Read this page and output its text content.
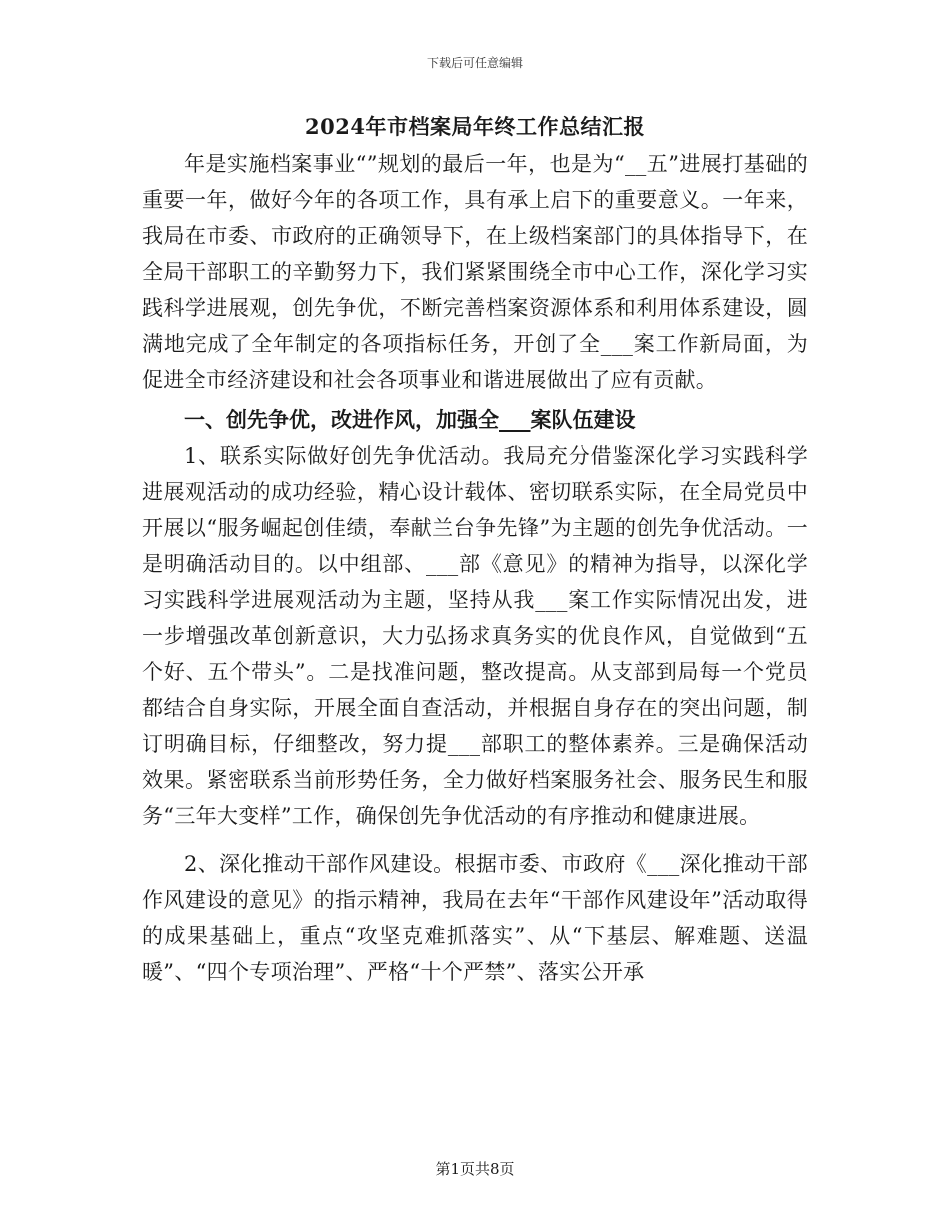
下载后可任意编辑
2024年市档案局年终工作总结汇报

年是实施档案事业“”规划的最后一年，也是为“__五”进展打基础的重要一年，做好今年的各项工作，具有承上启下的重要意义。一年来，我局在市委、市政府的正确领导下，在上级档案部门的具体指导下，在全局干部职工的辛勤努力下，我们紧紧围绕全市中心工作，深化学习实践科学进展观，创先争优，不断完善档案资源体系和利用体系建设，圆满地完成了全年制定的各项指标任务，开创了全___案工作新局面，为促进全市经济建设和社会各项事业和谐进展做出了应有贡献。

一、创先争优，改进作风，加强全___案队伍建设

1、联系实际做好创先争优活动。我局充分借鉴深化学习实践科学进展观活动的成功经验，精心设计载体、密切联系实际，在全局党员中开展以“服务崛起创佳绩，奉献兰台争先锋”为主题的创先争优活动。一是明确活动目的。以中组部、___部《意见》的精神为指导，以深化学习实践科学进展观活动为主题，坚持从我___案工作实际情况出发，进一步增强改革创新意识，大力弘扬求真务实的优良作风，自觉做到“五个好、五个带头”。二是找准问题，整改提高。从支部到局每一个党员都结合自身实际，开展全面自查活动，并根据自身存在的突出问题，制订明确目标，仔细整改，努力提___部职工的整体素养。三是确保活动效果。紧密联系当前形势任务，全力做好档案服务社会、服务民生和服务“三年大变样”工作，确保创先争优活动的有序推动和健康进展。

2、深化推动干部作风建设。根据市委、市政府《___深化推动干部作风建设的意见》的指示精神，我局在去年“干部作风建设年”活动取得的成果基础上，重点“攻坚克难抓落实”、从“下基层、解难题、送温暖”、“四个专项治理”、严格“十个严禁”、落实公开承

第1页共8页
